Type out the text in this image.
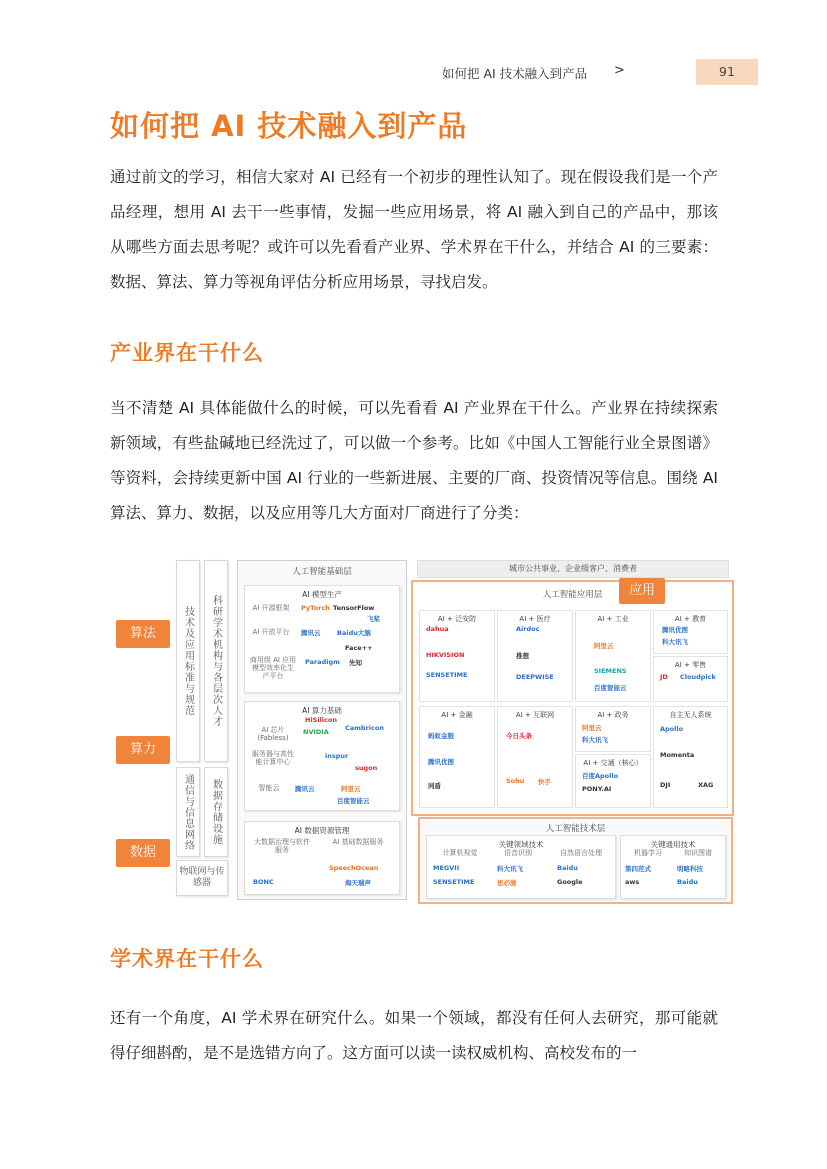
如何把 AI 技术融入到产品 >	91
如何把 AI 技术融入到产品

通过前文的学习，相信大家对 AI 已经有一个初步的理性认知了。现在假设我们是一个产品经理，想用 AI 去干一些事情，发掘一些应用场景，将 AI 融入到自己的产品中，那该从哪些方面去思考呢？或许可以先看看产业界、学术界在干什么，并结合 AI 的三要素：数据、算法、算力等视角评估分析应用场景，寻找启发。

产业界在干什么

当不清楚 AI 具体能做什么的时候，可以先看看 AI 产业界在干什么。产业界在持续探索新领域，有些盐碱地已经洗过了，可以做一个参考。比如《中国人工智能行业全景图谱》等资料，会持续更新中国 AI 行业的一些新进展、主要的厂商、投资情况等信息。围绕 AI 算法、算力、数据，以及应用等几大方面对厂商进行了分类：

算法
算力
数据
技术及应用标准与规范	科研学术机构与各层次人才
通信与信息网络	数据存储设施
物联网与传感器
人工智能基础层
AI 模型生产
AI 开源框架
AI 开放平台
商用级 AI 应用模型效率化生产平台
PyTorch TensorFlow
飞桨
腾讯云	Baidu大脑
Face++
Paradigm 先知
AI 算力基础
AI 芯片(Fabless)
服务器与高性能计算中心
智能云
HiSilicon
NVIDIA	Cambricon
inspur
sugon
腾讯云	阿里云
百度智能云
AI 数据资源管理
大数据治理与软件服务
AI 基础数据服务
BONC
SpeechOcean
海天瑞声
城市公共事业、企业级客户、消费者
人工智能应用层
AI + 泛安防
dahua
HIKVISION
SENSETIME
AI + 医疗
Airdoc
推想
DEEPWISE
AI + 工业
SIEMENS
阿里云
百度智能云
AI + 教育
腾讯优图
科大讯飞
AI + 零售
JD Cloudpick
AI + 金融
蚂蚁金服
腾讯优图
同盾
AI + 互联网
今日头条
Sohu 快手
AI + 政务
阿里云
科大讯飞
AI + 交通（核心）
百度Apollo
PONY.AI
自主无人系统
Apollo
Momenta
DJI	XAG
应用
人工智能技术层
关键领域技术
计算机视觉	语音识别	自然语言处理
MEGVII
SENSETIME
科大讯飞
思必驰
Baidu
Google
关键通用技术
机器学习	知识图谱
第四范式
aws
明略科技
Baidu
学术界在干什么

还有一个角度，AI 学术界在研究什么。如果一个领域，都没有任何人去研究，那可能就得仔细斟酌，是不是选错方向了。这方面可以读一读权威机构、高校发布的一
